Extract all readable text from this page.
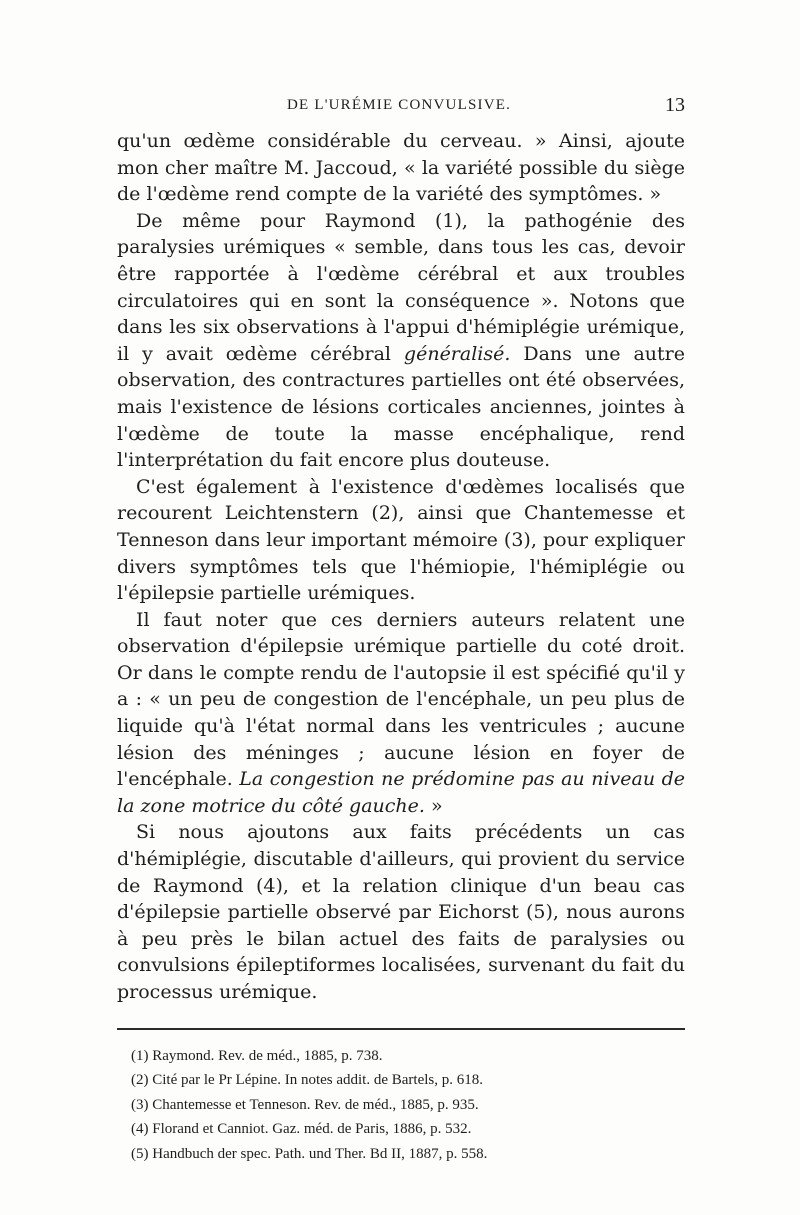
DE L'URÉMIE CONVULSIVE.	13

qu'un œdème considérable du cerveau. » Ainsi, ajoute mon cher maître M. Jaccoud, « la variété possible du siège de l'œdème rend compte de la variété des symptômes. »

De même pour Raymond (1), la pathogénie des paralysies urémiques « semble, dans tous les cas, devoir être rapportée à l'œdème cérébral et aux troubles circulatoires qui en sont la conséquence ». Notons que dans les six observations à l'appui d'hémiplégie urémique, il y avait œdème cérébral généralisé. Dans une autre observation, des contractures partielles ont été observées, mais l'existence de lésions corticales anciennes, jointes à l'œdème de toute la masse encéphalique, rend l'interprétation du fait encore plus douteuse.

C'est également à l'existence d'œdèmes localisés que recourent Leichtenstern (2), ainsi que Chantemesse et Tenneson dans leur important mémoire (3), pour expliquer divers symptômes tels que l'hémiopie, l'hémiplégie ou l'épilepsie partielle urémiques.

Il faut noter que ces derniers auteurs relatent une observation d'épilepsie urémique partielle du coté droit. Or dans le compte rendu de l'autopsie il est spécifié qu'il y a : « un peu de congestion de l'encéphale, un peu plus de liquide qu'à l'état normal dans les ventricules ; aucune lésion des méninges ; aucune lésion en foyer de l'encéphale. La congestion ne prédomine pas au niveau de la zone motrice du côté gauche. »

Si nous ajoutons aux faits précédents un cas d'hémiplégie, discutable d'ailleurs, qui provient du service de Raymond (4), et la relation clinique d'un beau cas d'épilepsie partielle observé par Eichorst (5), nous aurons à peu près le bilan actuel des faits de paralysies ou convulsions épileptiformes localisées, survenant du fait du processus urémique.

(1) Raymond. Rev. de méd., 1885, p. 738.

(2) Cité par le Pr Lépine. In notes addit. de Bartels, p. 618.

(3) Chantemesse et Tenneson. Rev. de méd., 1885, p. 935.

(4) Florand et Canniot. Gaz. méd. de Paris, 1886, p. 532.

(5) Handbuch der spec. Path. und Ther. Bd II, 1887, p. 558.
